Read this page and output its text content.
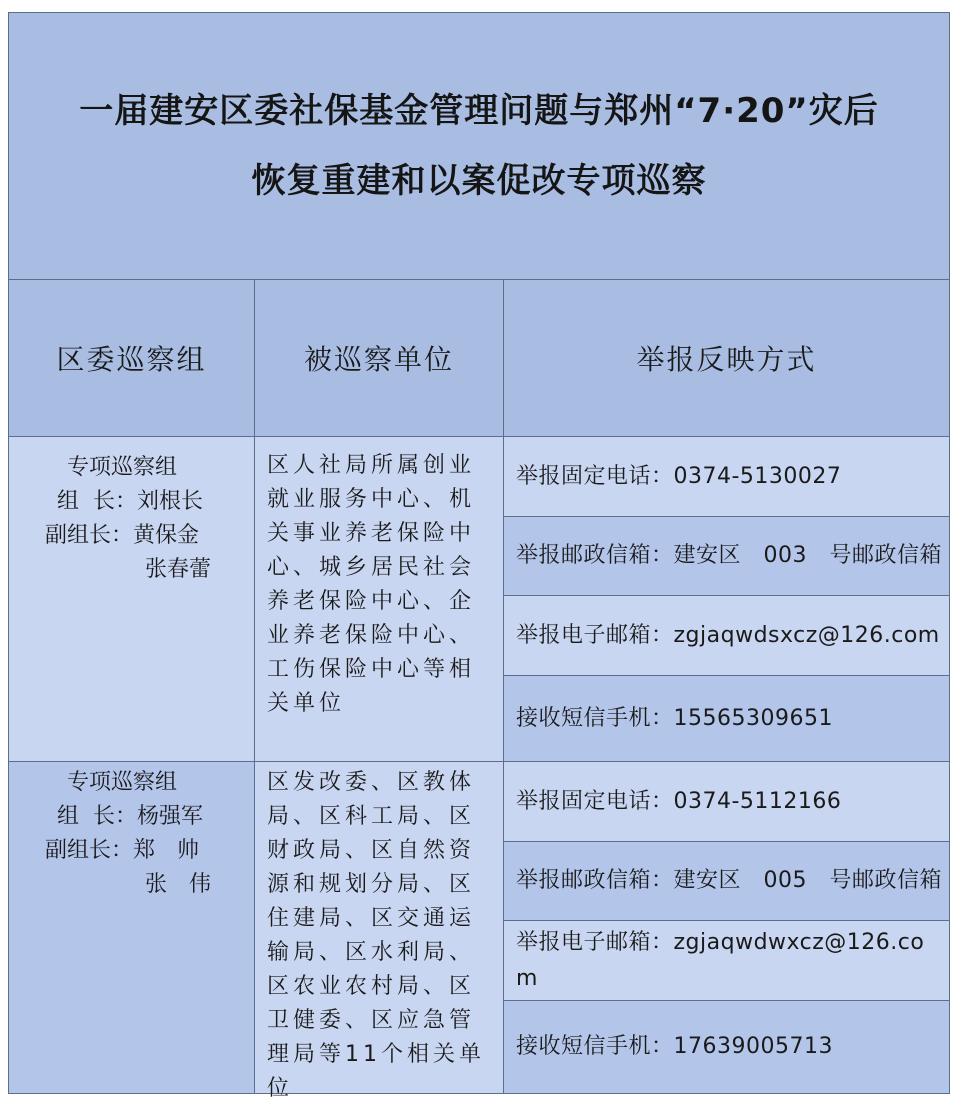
一届建安区委社保基金管理问题与郑州“7·20”灾后
恢复重建和以案促改专项巡察
区委巡察组	被巡察单位	举报反映方式
专项巡察组
组  长：刘根长
副组长：黄保金
张春蕾
区人社局所属创业就业服务中心、机关事业养老保险中心、城乡居民社会养老保险中心、企业养老保险中心、工伤保险中心等相关单位
举报固定电话：0374-5130027
举报邮政信箱：建安区　003　号邮政信箱
举报电子邮箱：zgjaqwdsxcz@126.com
接收短信手机：15565309651
专项巡察组
组  长：杨强军
副组长：郑　帅
张　伟
区发改委、区教体局、区科工局、区财政局、区自然资源和规划分局、区住建局、区交通运输局、区水利局、区农业农村局、区卫健委、区应急管理局等11个相关单位
举报固定电话：0374-5112166
举报邮政信箱：建安区　005　号邮政信箱
举报电子邮箱：zgjaqwdwxcz@126.com
接收短信手机：17639005713
